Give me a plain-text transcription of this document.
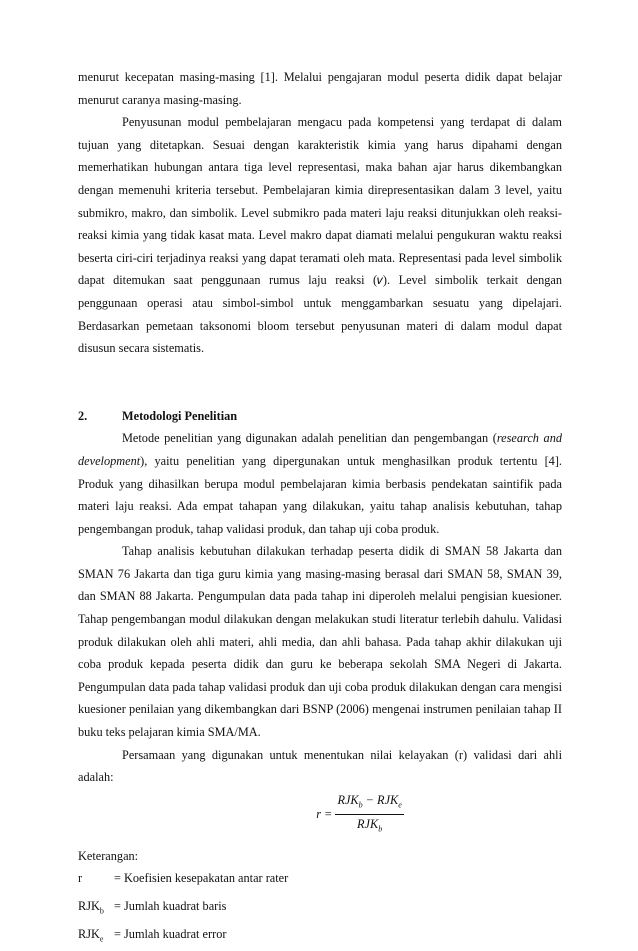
menurut kecepatan masing-masing [1]. Melalui pengajaran modul peserta didik dapat belajar menurut caranya masing-masing.

Penyusunan modul pembelajaran mengacu pada kompetensi yang terdapat di dalam tujuan yang ditetapkan. Sesuai dengan karakteristik kimia yang harus dipahami dengan memerhatikan hubungan antara tiga level representasi, maka bahan ajar harus dikembangkan dengan memenuhi kriteria tersebut. Pembelajaran kimia direpresentasikan dalam 3 level, yaitu submikro, makro, dan simbolik. Level submikro pada materi laju reaksi ditunjukkan oleh reaksi-reaksi kimia yang tidak kasat mata. Level makro dapat diamati melalui pengukuran waktu reaksi beserta ciri-ciri terjadinya reaksi yang dapat teramati oleh mata. Representasi pada level simbolik dapat ditemukan saat penggunaan rumus laju reaksi (𝑣). Level simbolik terkait dengan penggunaan operasi atau simbol-simbol untuk menggambarkan sesuatu yang dipelajari. Berdasarkan pemetaan taksonomi bloom tersebut penyusunan materi di dalam modul dapat disusun secara sistematis.

2.	Metodologi Penelitian

Metode penelitian yang digunakan adalah penelitian dan pengembangan (research and development), yaitu penelitian yang dipergunakan untuk menghasilkan produk tertentu [4]. Produk yang dihasilkan berupa modul pembelajaran kimia berbasis pendekatan saintifik pada materi laju reaksi. Ada empat tahapan yang dilakukan, yaitu tahap analisis kebutuhan, tahap pengembangan produk, tahap validasi produk, dan tahap uji coba produk.

Tahap analisis kebutuhan dilakukan terhadap peserta didik di SMAN 58 Jakarta dan SMAN 76 Jakarta dan tiga guru kimia yang masing-masing berasal dari SMAN 58, SMAN 39, dan SMAN 88 Jakarta. Pengumpulan data pada tahap ini diperoleh melalui pengisian kuesioner. Tahap pengembangan modul dilakukan dengan melakukan studi literatur terlebih dahulu. Validasi produk dilakukan oleh ahli materi, ahli media, dan ahli bahasa. Pada tahap akhir dilakukan uji coba produk kepada peserta didik dan guru ke beberapa sekolah SMA Negeri di Jakarta. Pengumpulan data pada tahap validasi produk dan uji coba produk dilakukan dengan cara mengisi kuesioner penilaian yang dikembangkan dari BSNP (2006) mengenai instrumen penilaian tahap II buku teks pelajaran kimia SMA/MA.

Persamaan yang digunakan untuk menentukan nilai kelayakan (r) validasi dari ahli adalah:

$r = \frac{RJK_b - RJK_e}{RJK_b}$

Keterangan:

r	= Koefisien kesepakatan antar rater
$RJK_b$ = Jumlah kuadrat baris
$RJK_e$ = Jumlah kuadrat error
